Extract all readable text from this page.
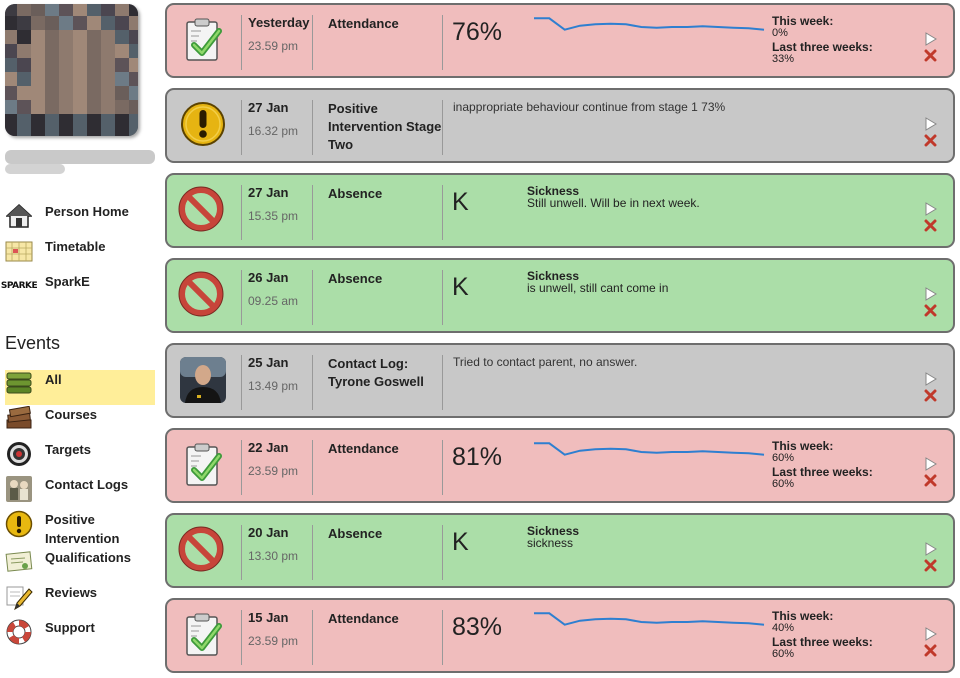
Person Home
Timetable
SPARKE SparkE
Events
All
Courses
Targets
Contact Logs
Positive Intervention
Qualifications
Reviews
Support
Yesterday
23.59 pm
Attendance	76%	This week:
0%
Last three weeks:
33%
27 Jan
16.32 pm
Positive Intervention Stage Two
inappropriate behaviour continue from stage 1 73%
27 Jan
15.35 pm
Absence	K	Sickness
Still unwell. Will be in next week.
26 Jan
09.25 am
Absence	K	Sickness
is unwell, still cant come in
25 Jan
13.49 pm
Contact Log: Tyrone Goswell
Tried to contact parent, no answer.
22 Jan
23.59 pm
Attendance	81%	This week:
60%
Last three weeks:
60%
20 Jan
13.30 pm
Absence	K	Sickness
sickness
15 Jan
23.59 pm
Attendance	83%	This week:
40%
Last three weeks:
60%
